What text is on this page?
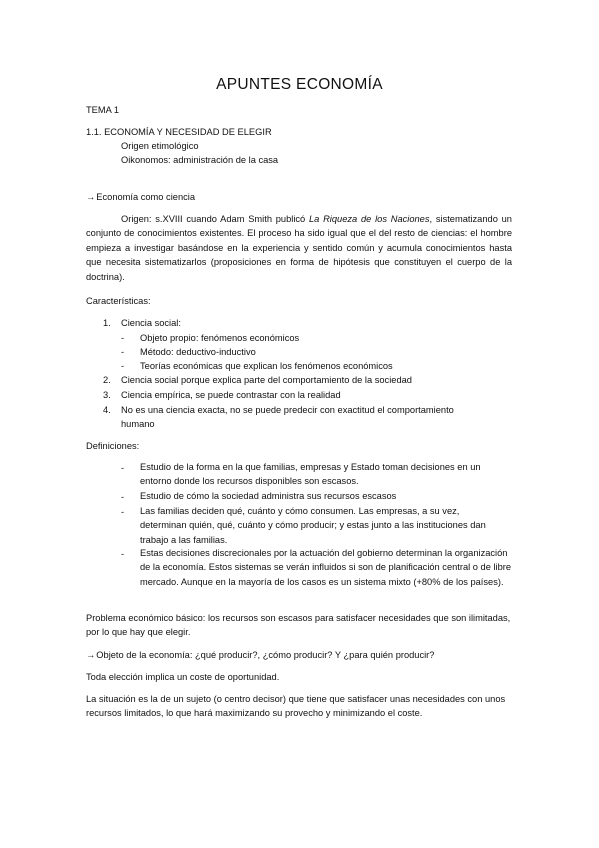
APUNTES ECONOMÍA

TEMA 1

1.1. ECONOMÍA Y NECESIDAD DE ELEGIR

Origen etimológico

Oikonomos: administración de la casa

→Economía como ciencia

Origen: s.XVIII cuando Adam Smith publicó La Riqueza de los Naciones, sistematizando un conjunto de conocimientos existentes. El proceso ha sido igual que el del resto de ciencias: el hombre empieza a investigar basándose en la experiencia y sentido común y acumula conocimientos hasta que necesita sistematizarlos (proposiciones en forma de hipótesis que constituyen el cuerpo de la doctrina).

Características:

1. Ciencia social:
- Objeto propio: fenómenos económicos
- Método: deductivo-inductivo
- Teorías económicas que explican los fenómenos económicos
2. Ciencia social porque explica parte del comportamiento de la sociedad
3. Ciencia empírica, se puede contrastar con la realidad
4. No es una ciencia exacta, no se puede predecir con exactitud el comportamiento
humano

Definiciones:

- Estudio de la forma en la que familias, empresas y Estado toman decisiones en un entorno donde los recursos disponibles son escasos.

- Estudio de cómo la sociedad administra sus recursos escasos

- Las familias deciden qué, cuánto y cómo consumen. Las empresas, a su vez, determinan quién, qué, cuánto y cómo producir; y estas junto a las instituciones dan trabajo a las familias.

- Estas decisiones discrecionales por la actuación del gobierno determinan la organización de la economía. Estos sistemas se verán influidos si son de planificación central o de libre mercado. Aunque en la mayoría de los casos es un sistema mixto (+80% de los países).

Problema económico básico: los recursos son escasos para satisfacer necesidades que son ilimitadas, por lo que hay que elegir.

→Objeto de la economía: ¿qué producir?, ¿cómo producir? Y ¿para quién producir?

Toda elección implica un coste de oportunidad.

La situación es la de un sujeto (o centro decisor) que tiene que satisfacer unas necesidades con unos recursos limitados, lo que hará maximizando su provecho y minimizando el coste.
